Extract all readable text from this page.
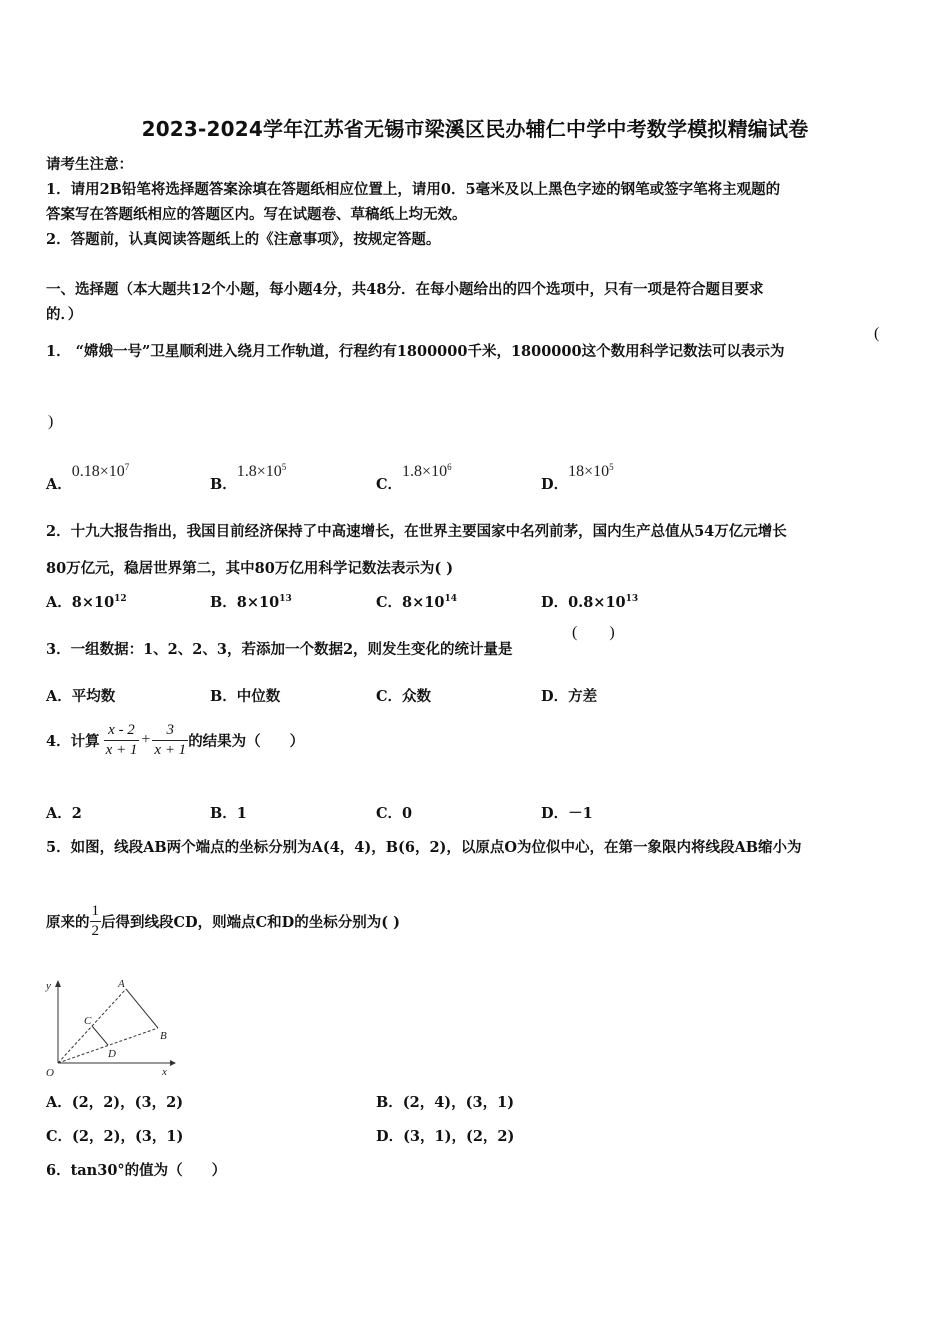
2023-2024学年江苏省无锡市梁溪区民办辅仁中学中考数学模拟精编试卷
请考生注意：
1．请用2B铅笔将选择题答案涂填在答题纸相应位置上，请用0．5毫米及以上黑色字迹的钢笔或签字笔将主观题的
答案写在答题纸相应的答题区内。写在试题卷、草稿纸上均无效。
2．答题前，认真阅读答题纸上的《注意事项》，按规定答题。
一、选择题（本大题共12个小题，每小题4分，共48分．在每小题给出的四个选项中，只有一项是符合题目要求
的．）
1． “嫦娥一号”卫星顺利进入绕月工作轨道，行程约有1800000千米，1800000这个数用科学记数法可以表示为
(
)
A．$0.18\times 10^7$
B．$1.8\times 10^5$
C．$1.8\times 10^6$
D．$18\times 10^5$
2．十九大报告指出，我国目前经济保持了中高速增长，在世界主要国家中名列前茅，国内生产总值从54万亿元增长
80万亿元，稳居世界第二，其中80万亿用科学记数法表示为( )
A．$8\times 10^{12}$	B．$8\times 10^{13}$	C．$8\times 10^{14}$	D．$0.8\times 10^{13}$
3．一组数据：1、2、2、3，若添加一个数据2，则发生变化的统计量是
(        )
A．平均数	B．中位数	C．众数	D．方差
4．计算 $\frac{x - 2}{x + 1} + \frac{3}{x + 1}$ 的结果为（　　）
A．2	B．1	C．0	D．－1
5．如图，线段AB两个端点的坐标分别为A(4，4)，B(6，2)，以原点O为位似中心，在第一象限内将线段AB缩小为
原来的 $\frac{1}{2}$ 后得到线段CD，则端点C和D的坐标分别为( )
y
x
O
A
B
C
D
A．(2，2)，(3，2)	B．(2，4)，(3，1)
C．(2，2)，(3，1)	D．(3，1)，(2，2)
6．tan30°的值为（　　）
